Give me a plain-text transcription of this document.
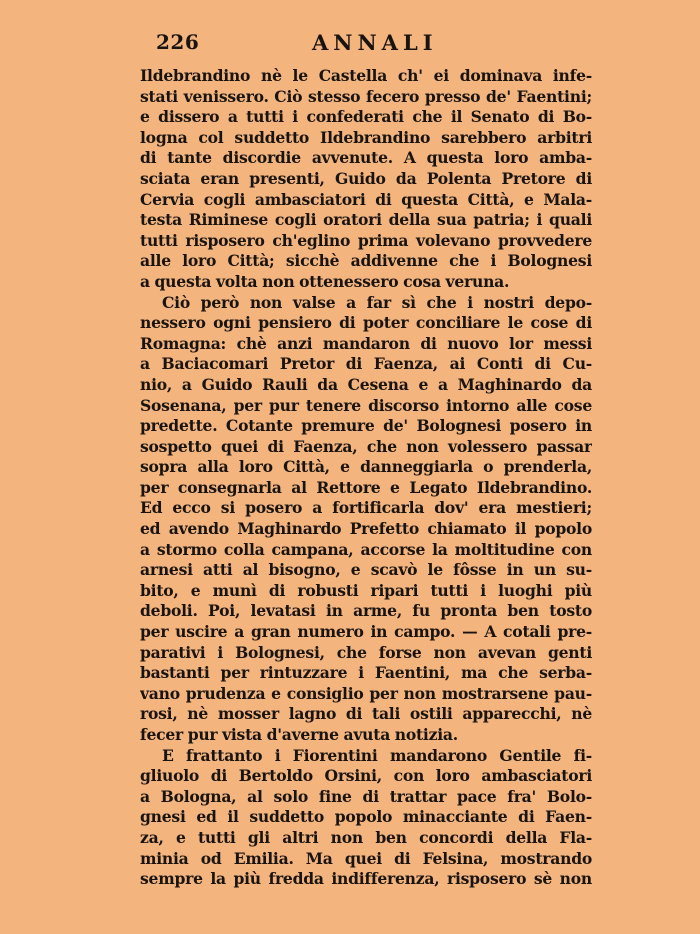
226	ANNALI
Ildebrandino nè le Castella ch' ei dominava infe-
stati venissero. Ciò stesso fecero presso de' Faentini;
e dissero a tutti i confederati che il Senato di Bo-
logna col suddetto Ildebrandino sarebbero arbitri
di tante discordie avvenute. A questa loro amba-
sciata eran presenti, Guido da Polenta Pretore di
Cervia cogli ambasciatori di questa Città, e Mala-
testa Riminese cogli oratori della sua patria; i quali
tutti risposero ch'eglino prima volevano provvedere
alle loro Città; sicchè addivenne che i Bolognesi
a questa volta non ottenessero cosa veruna.
Ciò però non valse a far sì che i nostri depo-
nessero ogni pensiero di poter conciliare le cose di
Romagna: chè anzi mandaron di nuovo lor messi
a Baciacomari Pretor di Faenza, ai Conti di Cu-
nio, a Guido Rauli da Cesena e a Maghinardo da
Sosenana, per pur tenere discorso intorno alle cose
predette. Cotante premure de' Bolognesi posero in
sospetto quei di Faenza, che non volessero passar
sopra alla loro Città, e danneggiarla o prenderla,
per consegnarla al Rettore e Legato Ildebrandino.
Ed ecco si posero a fortificarla dov' era mestieri;
ed avendo Maghinardo Prefetto chiamato il popolo
a stormo colla campana, accorse la moltitudine con
arnesi atti al bisogno, e scavò le fôsse in un su-
bito, e munì di robusti ripari tutti i luoghi più
deboli. Poi, levatasi in arme, fu pronta ben tosto
per uscire a gran numero in campo. — A cotali pre-
parativi i Bolognesi, che forse non avevan genti
bastanti per rintuzzare i Faentini, ma che serba-
vano prudenza e consiglio per non mostrarsene pau-
rosi, nè mosser lagno di tali ostili apparecchi, nè
fecer pur vista d'averne avuta notizia.
E frattanto i Fiorentini mandarono Gentile fi-
gliuolo di Bertoldo Orsini, con loro ambasciatori
a Bologna, al solo fine di trattar pace fra' Bolo-
gnesi ed il suddetto popolo minacciante di Faen-
za, e tutti gli altri non ben concordi della Fla-
minia od Emilia. Ma quei di Felsina, mostrando
sempre la più fredda indifferenza, risposero sè non
